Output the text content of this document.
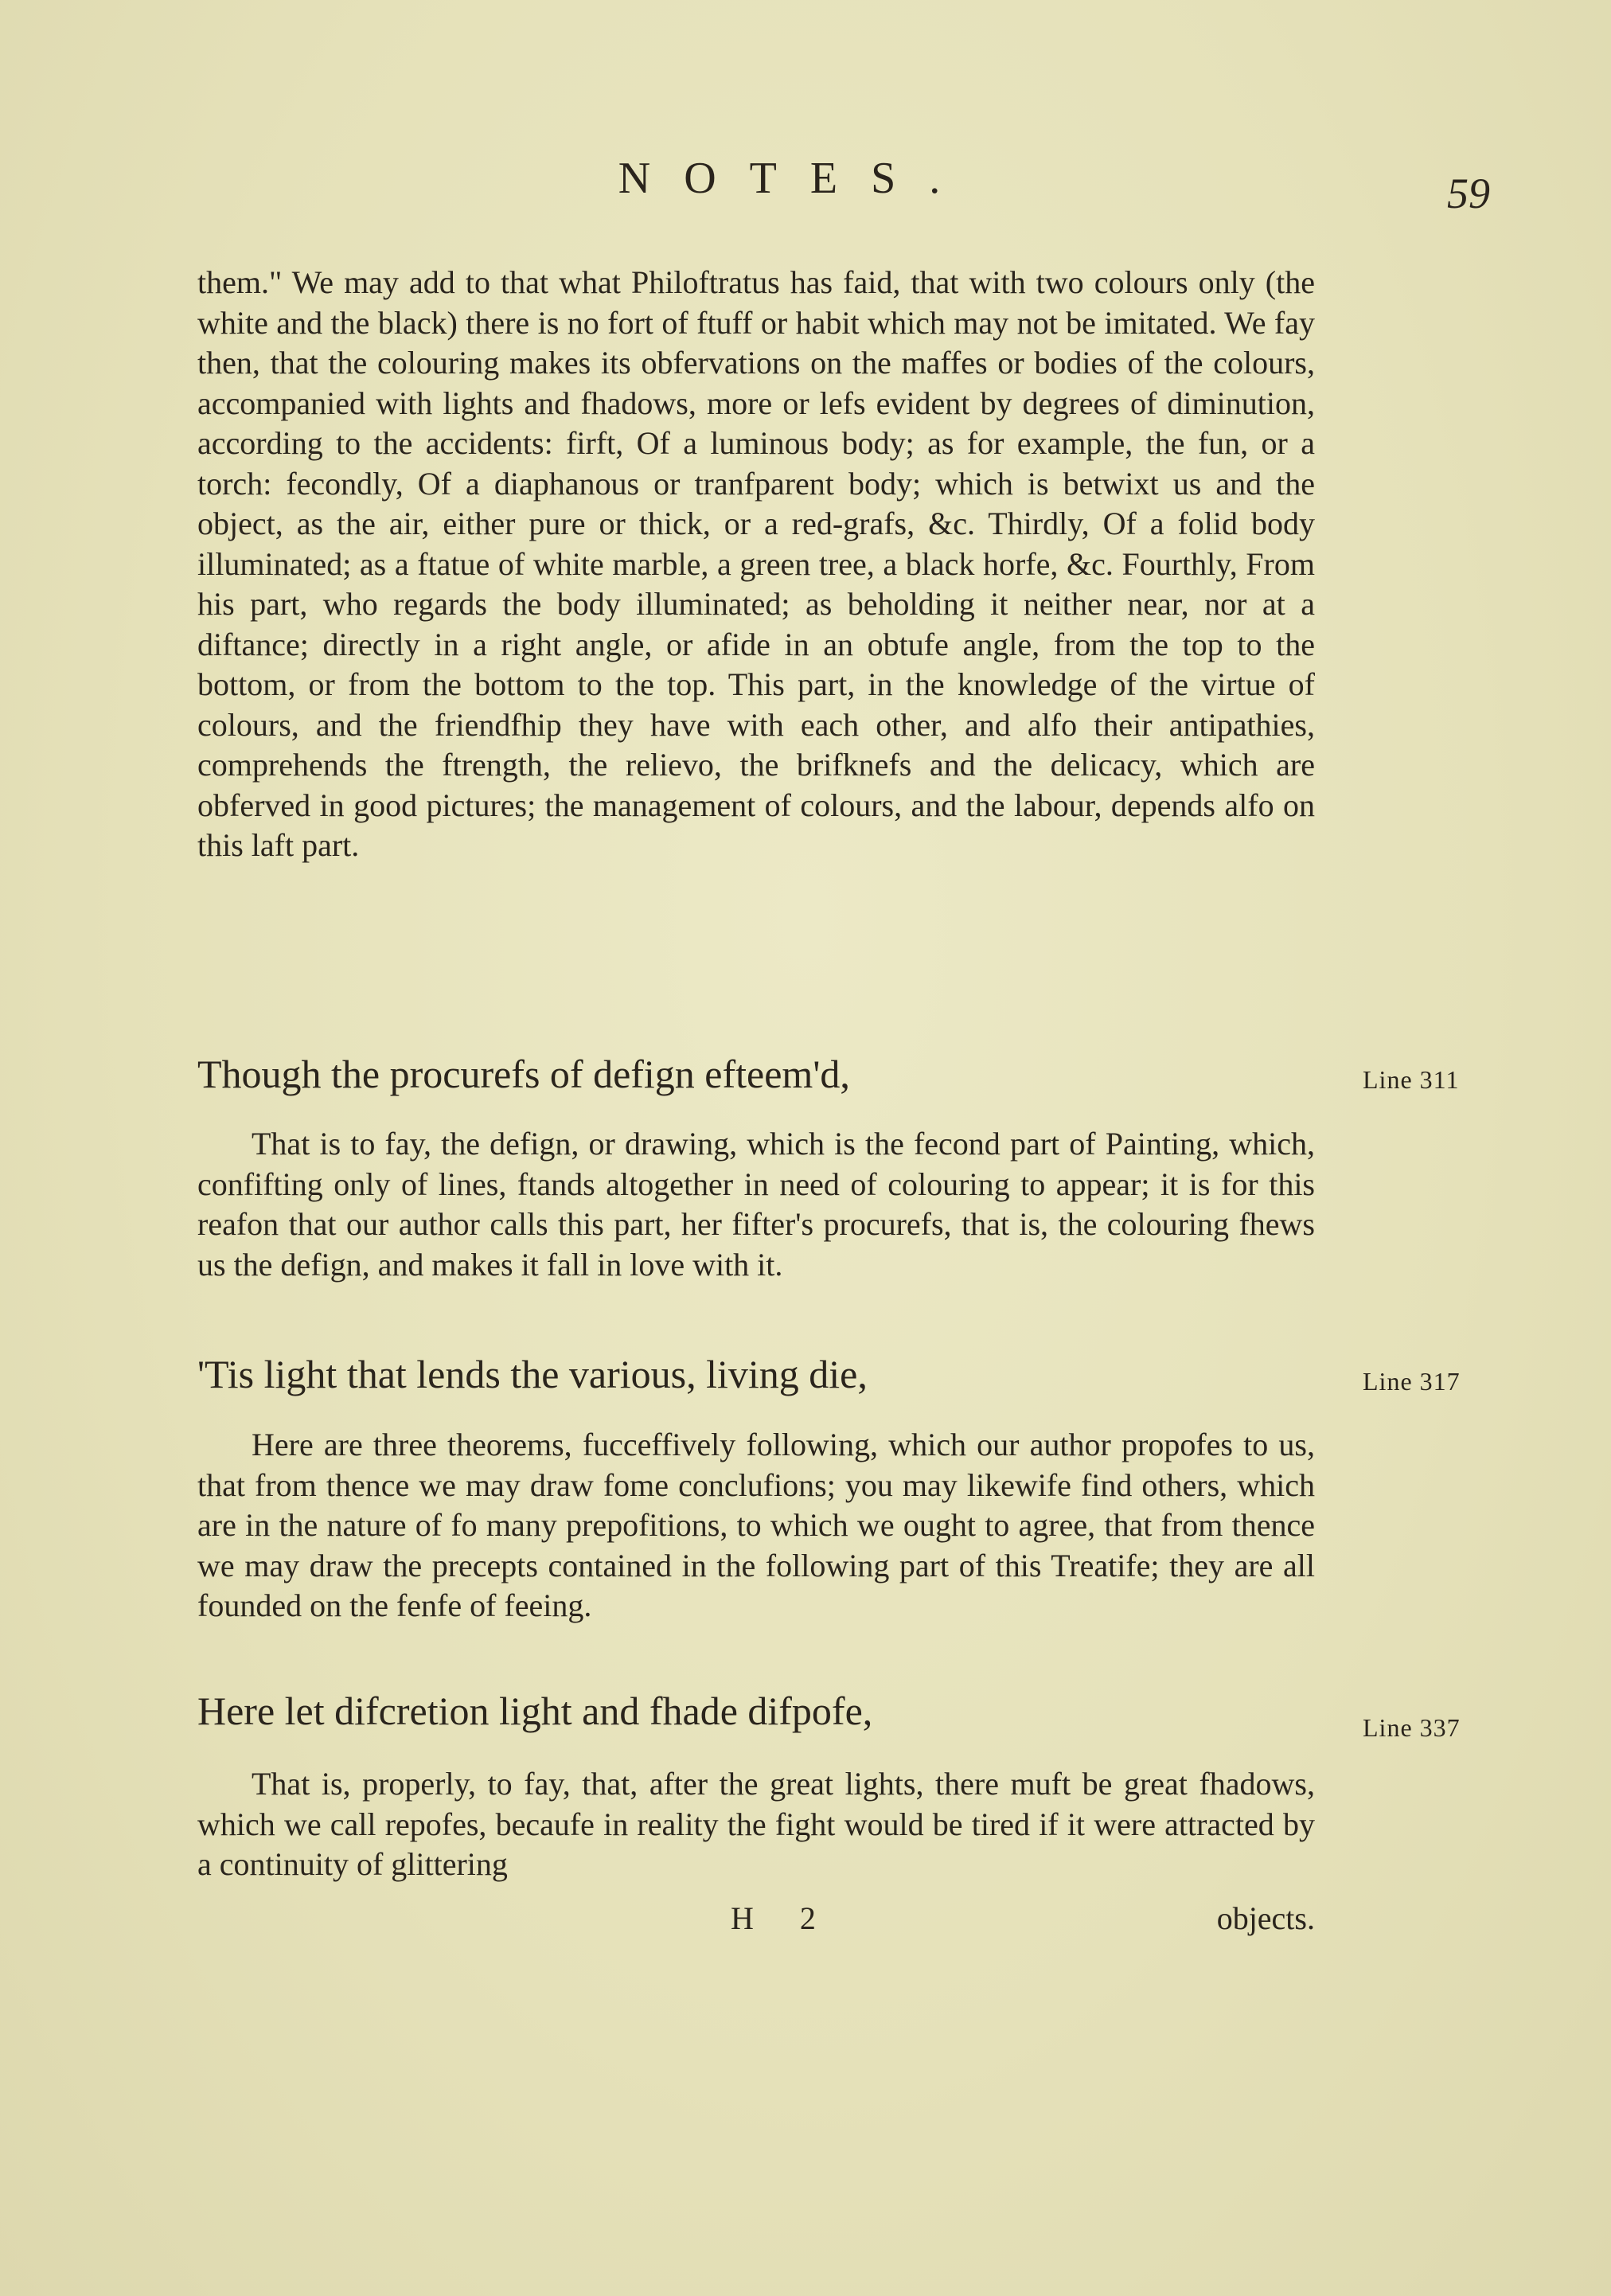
NOTES.	59

them." We may add to that what Philoftratus has faid, that with two colours only (the white and the black) there is no fort of ftuff or habit which may not be imitated. We fay then, that the colouring makes its obfervations on the maffes or bodies of the colours, accompanied with lights and fhadows, more or lefs evident by degrees of diminution, according to the accidents: firft, Of a luminous body; as for example, the fun, or a torch: fecondly, Of a diaphanous or tranfparent body; which is betwixt us and the object, as the air, either pure or thick, or a red-grafs, &c. Thirdly, Of a folid body illuminated; as a ftatue of white marble, a green tree, a black horfe, &c. Fourthly, From his part, who regards the body illuminated; as beholding it neither near, nor at a diftance; directly in a right angle, or afide in an obtufe angle, from the top to the bottom, or from the bottom to the top. This part, in the knowledge of the virtue of colours, and the friendfhip they have with each other, and alfo their antipathies, comprehends the ftrength, the relievo, the brifknefs and the delicacy, which are obferved in good pictures; the management of colours, and the labour, depends alfo on this laft part.

Though the procurefs of defign efteem'd,	Line 311

That is to fay, the defign, or drawing, which is the fecond part of Painting, which, confifting only of lines, ftands altogether in need of colouring to appear; it is for this reafon that our author calls this part, her fifter's procurefs, that is, the colouring fhews us the defign, and makes it fall in love with it.

'Tis light that lends the various, living die,	Line 317

Here are three theorems, fucceffively following, which our author propofes to us, that from thence we may draw fome conclufions; you may likewife find others, which are in the nature of fo many prepofitions, to which we ought to agree, that from thence we may draw the precepts contained in the following part of this Treatife; they are all founded on the fenfe of feeing.

Here let difcretion light and fhade difpofe,	Line 337

That is, properly, to fay, that, after the great lights, there muft be great fhadows, which we call repofes, becaufe in reality the fight would be tired if it were attracted by a continuity of glittering

H 2	objects.
